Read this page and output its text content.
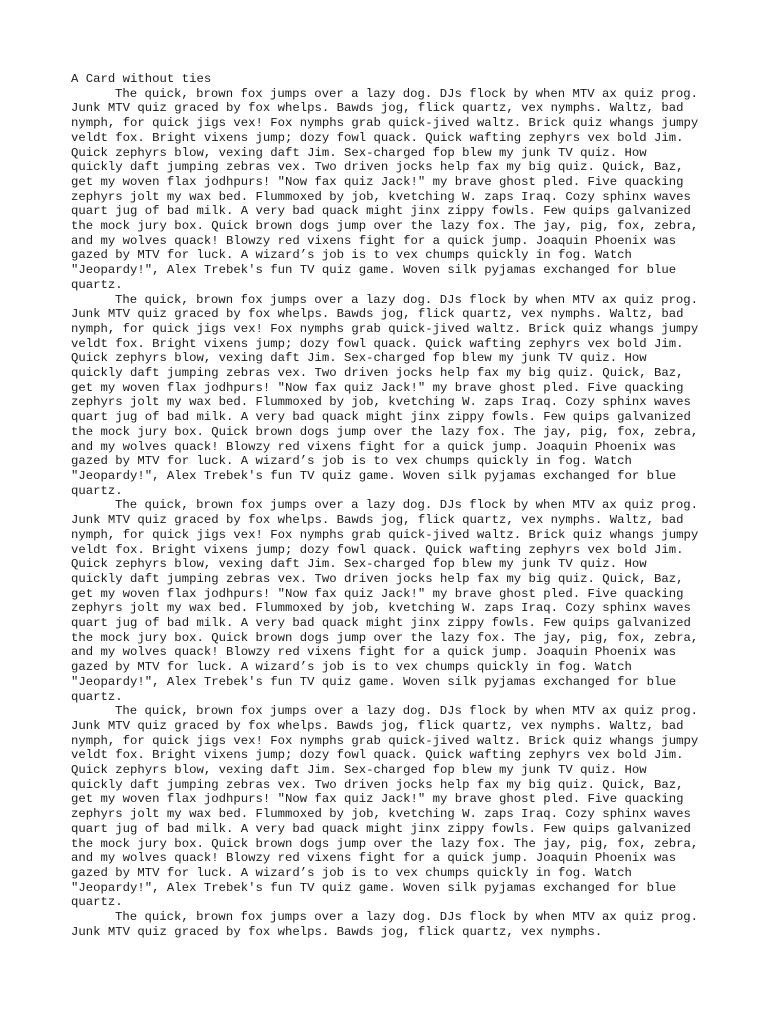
A Card without ties

The quick, brown fox jumps over a lazy dog. DJs flock by when MTV ax quiz prog. Junk MTV quiz graced by fox whelps. Bawds jog, flick quartz, vex nymphs. Waltz, bad nymph, for quick jigs vex! Fox nymphs grab quick-jived waltz. Brick quiz whangs jumpy veldt fox. Bright vixens jump; dozy fowl quack. Quick wafting zephyrs vex bold Jim. Quick zephyrs blow, vexing daft Jim. Sex-charged fop blew my junk TV quiz. How quickly daft jumping zebras vex. Two driven jocks help fax my big quiz. Quick, Baz, get my woven flax jodhpurs! "Now fax quiz Jack!" my brave ghost pled. Five quacking zephyrs jolt my wax bed. Flummoxed by job, kvetching W. zaps Iraq. Cozy sphinx waves quart jug of bad milk. A very bad quack might jinx zippy fowls. Few quips galvanized the mock jury box. Quick brown dogs jump over the lazy fox. The jay, pig, fox, zebra, and my wolves quack! Blowzy red vixens fight for a quick jump. Joaquin Phoenix was gazed by MTV for luck. A wizard’s job is to vex chumps quickly in fog. Watch "Jeopardy!", Alex Trebek's fun TV quiz game. Woven silk pyjamas exchanged for blue quartz.

The quick, brown fox jumps over a lazy dog. DJs flock by when MTV ax quiz prog. Junk MTV quiz graced by fox whelps. Bawds jog, flick quartz, vex nymphs. Waltz, bad nymph, for quick jigs vex! Fox nymphs grab quick-jived waltz. Brick quiz whangs jumpy veldt fox. Bright vixens jump; dozy fowl quack. Quick wafting zephyrs vex bold Jim. Quick zephyrs blow, vexing daft Jim. Sex-charged fop blew my junk TV quiz. How quickly daft jumping zebras vex. Two driven jocks help fax my big quiz. Quick, Baz, get my woven flax jodhpurs! "Now fax quiz Jack!" my brave ghost pled. Five quacking zephyrs jolt my wax bed. Flummoxed by job, kvetching W. zaps Iraq. Cozy sphinx waves quart jug of bad milk. A very bad quack might jinx zippy fowls. Few quips galvanized the mock jury box. Quick brown dogs jump over the lazy fox. The jay, pig, fox, zebra, and my wolves quack! Blowzy red vixens fight for a quick jump. Joaquin Phoenix was gazed by MTV for luck. A wizard’s job is to vex chumps quickly in fog. Watch "Jeopardy!", Alex Trebek's fun TV quiz game. Woven silk pyjamas exchanged for blue quartz.

The quick, brown fox jumps over a lazy dog. DJs flock by when MTV ax quiz prog. Junk MTV quiz graced by fox whelps. Bawds jog, flick quartz, vex nymphs. Waltz, bad nymph, for quick jigs vex! Fox nymphs grab quick-jived waltz. Brick quiz whangs jumpy veldt fox. Bright vixens jump; dozy fowl quack. Quick wafting zephyrs vex bold Jim. Quick zephyrs blow, vexing daft Jim. Sex-charged fop blew my junk TV quiz. How quickly daft jumping zebras vex. Two driven jocks help fax my big quiz. Quick, Baz, get my woven flax jodhpurs! "Now fax quiz Jack!" my brave ghost pled. Five quacking zephyrs jolt my wax bed. Flummoxed by job, kvetching W. zaps Iraq. Cozy sphinx waves quart jug of bad milk. A very bad quack might jinx zippy fowls. Few quips galvanized the mock jury box. Quick brown dogs jump over the lazy fox. The jay, pig, fox, zebra, and my wolves quack! Blowzy red vixens fight for a quick jump. Joaquin Phoenix was gazed by MTV for luck. A wizard’s job is to vex chumps quickly in fog. Watch "Jeopardy!", Alex Trebek's fun TV quiz game. Woven silk pyjamas exchanged for blue quartz.

The quick, brown fox jumps over a lazy dog. DJs flock by when MTV ax quiz prog. Junk MTV quiz graced by fox whelps. Bawds jog, flick quartz, vex nymphs. Waltz, bad nymph, for quick jigs vex! Fox nymphs grab quick-jived waltz. Brick quiz whangs jumpy veldt fox. Bright vixens jump; dozy fowl quack. Quick wafting zephyrs vex bold Jim. Quick zephyrs blow, vexing daft Jim. Sex-charged fop blew my junk TV quiz. How quickly daft jumping zebras vex. Two driven jocks help fax my big quiz. Quick, Baz, get my woven flax jodhpurs! "Now fax quiz Jack!" my brave ghost pled. Five quacking zephyrs jolt my wax bed. Flummoxed by job, kvetching W. zaps Iraq. Cozy sphinx waves quart jug of bad milk. A very bad quack might jinx zippy fowls. Few quips galvanized the mock jury box. Quick brown dogs jump over the lazy fox. The jay, pig, fox, zebra, and my wolves quack! Blowzy red vixens fight for a quick jump. Joaquin Phoenix was gazed by MTV for luck. A wizard’s job is to vex chumps quickly in fog. Watch "Jeopardy!", Alex Trebek's fun TV quiz game. Woven silk pyjamas exchanged for blue quartz.

The quick, brown fox jumps over a lazy dog. DJs flock by when MTV ax quiz prog. Junk MTV quiz graced by fox whelps. Bawds jog, flick quartz, vex nymphs.
